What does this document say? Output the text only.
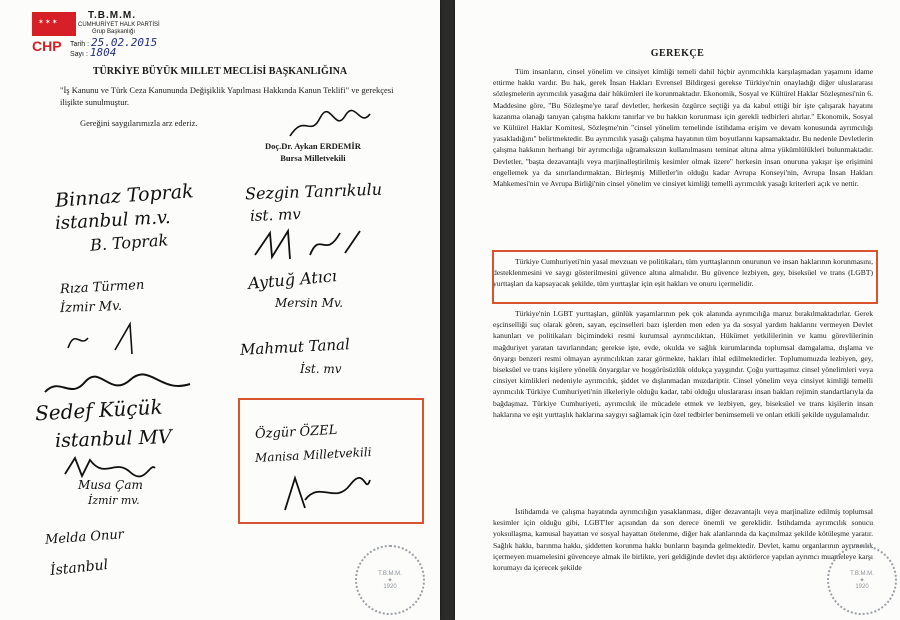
✶✶✶
CHP
T.B.M.M.
CUMHURİYET HALK PARTİSİ
Grup Başkanlığı
Tarih : 25.02.2015
Sayı : 1804
TÜRKİYE BÜYÜK MILLET MECLİSİ BAŞKANLIĞINA
"İş Kanunu ve Türk Ceza Kanununda Değişiklik Yapılması Hakkında Kanun Teklifi" ve gerekçesi ilişikte sunulmuştur.
Gereğini saygılarımızla arz ederiz.
Doç.Dr. Aykan ERDEMİR
Bursa Milletvekili
Binnaz Toprak
istanbul m.v.
B. Toprak
Sezgin Tanrıkulu
ist. mv
Aytuğ Atıcı
Mersin Mv.
Rıza Türmen
İzmir Mv.
Mahmut Tanal
İst. mv
Sedef Küçük
istanbul MV
Musa Çam
İzmir mv.
Özgür ÖZEL
Manisa Milletvekili
Melda Onur
İstanbul	T.B.M.M.
✦
1920
GEREKÇE
Tüm insanların, cinsel yönelim ve cinsiyet kimliği temeli dahil hiçbir ayrımcılıkla karşılaşmadan yaşamını idame ettirme hakkı vardır. Bu hak, gerek İnsan Hakları Evrensel Bildirgesi gerekse Türkiye'nin onayladığı diğer uluslararası sözleşmelerin ayrımcılık yasağına dair hükümleri ile korunmaktadır. Ekonomik, Sosyal ve Kültürel Haklar Sözleşmesi'nin 6. Maddesine göre, "Bu Sözleşme'ye taraf devletler, herkesin özgürce seçtiği ya da kabul ettiği bir işte çalışarak hayatını kazanma olanağı tanıyan çalışma hakkını tanırlar ve bu hakkın korunması için gerekli tedbirleri alırlar." Ekonomik, Sosyal ve Kültürel Haklar Komitesi, Sözleşme'nin "cinsel yönelim temelinde istihdama erişim ve devam konusunda ayrımcılığı yasakladığını" belirtmektedir. Bu ayrımcılık yasağı çalışma hayatının tüm boyutlarını kapsamaktadır. Bu nedenle Devletlerin çalışma hakkının herhangi bir ayrımcılığa uğramaksızın kullanılmasını teminat altına alma yükümlülükleri bulunmaktadır. Devletler, "başta dezavantajlı veya marjinalleştirilmiş kesimler olmak üzere" herkesin insan onuruna yakışır işe erişimini engellemek ya da sınırlandırmaktan. Birleşmiş Milletler'in olduğu kadar Avrupa Konseyi'nin, Avrupa İnsan Hakları Mahkemesi'nin ve Avrupa Birliği'nin cinsel yönelim ve cinsiyet kimliği temelli ayrımcılık yasağı kriterleri açık ve nettir.
Türkiye Cumhuriyeti'nin yasal mevzuatı ve politikaları, tüm yurttaşlarının onurunun ve insan haklarının korunmasını, desteklenmesini ve saygı gösterilmesini güvence altına almalıdır. Bu güvence lezbiyen, gey, biseksüel ve trans (LGBT) yurttaşları da kapsayacak şekilde, tüm yurttaşlar için eşit hakları ve onuru içermelidir.
Türkiye'nin LGBT yurttaşları, günlük yaşamlarının pek çok alanında ayrımcılığa maruz bırakılmaktadırlar. Gerek eşcinselliği suç olarak gören, sayan, eşcinselleri bazı işlerden men eden ya da sosyal yardım haklarını vermeyen Devlet kanunları ve politikaları biçimindeki resmi kurumsal ayrımcılıktan, Hükümet yetkililerinin ve kamu görevlilerinin mağduriyet yaratan tavırlarından; gerekse işte, evde, okulda ve sağlık kurumlarında toplumsal damgalama, dışlama ve önyargı benzeri resmi olmayan ayrımcılıktan zarar görmekte, hakları ihlal edilmektedirler. Toplumumuzda lezbiyen, gey, biseksüel ve trans kişilere yönelik önyargılar ve hoşgörüsüzlük oldukça yaygındır. Çoğu yurttaşımız cinsel yönelimleri veya cinsiyet kimlikleri nedeniyle ayrımcılık, şiddet ve dışlanmadan muzdariptir. Cinsel yönelim veya cinsiyet kimliği temelli ayrımcılık Türkiye Cumhuriyeti'nin ilkeleriyle olduğu kadar, tabi olduğu uluslararası insan hakları rejimin standartlarıyla da bağdaşmaz. Türkiye Cumhuriyeti, ayrımcılık ile mücadele etmek ve lezbiyen, gey, biseksüel ve trans kişilerin insan haklarına ve eşit yurttaşlık haklarına saygıyı sağlamak için özel tedbirler benimsemeli ve onları etkili şekilde uygulamalıdır.
İstihdamda ve çalışma hayatında ayrımcılığın yasaklanması, diğer dezavantajlı veya marjinalize edilmiş toplumsal kesimler için olduğu gibi, LGBT'ler açısından da son derece önemli ve gereklidir. İstihdamda ayrımcılık sonucu yoksullaşma, kamusal hayattan ve sosyal hayattan ötelenme, diğer hak alanlarında da kaçınılmaz şekilde kötüleşme yaratır. Sağlık hakkı, barınma hakkı, şiddetten korunma hakkı bunların başında gelmektedir. Devlet, kamu organlarının ayrımcılık içermeyen muamelesini güvenceye almak ile birlikte, yeri geldiğinde devlet dışı aktörlerce yapılan ayrımcı muameleye karşı korumayı da içerecek şekilde
T.B.M.M.
✦
1920
